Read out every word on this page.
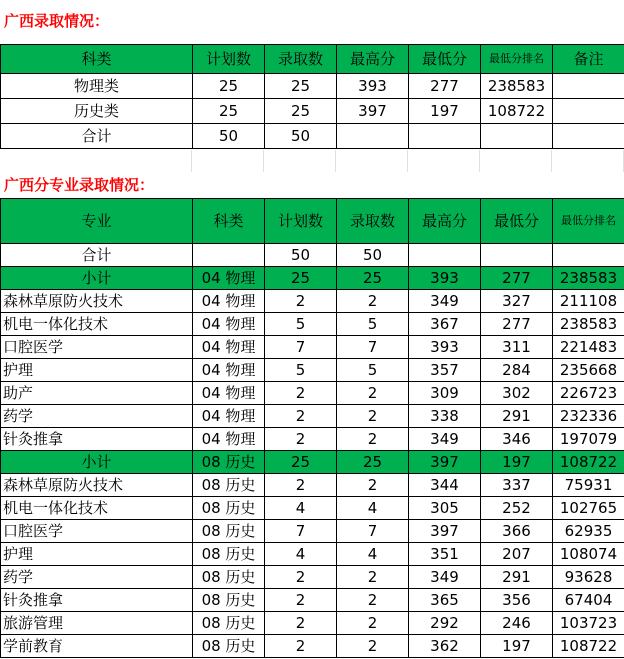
广西录取情况：
科类	计划数	录取数	最高分	最低分	最低分排名	备注
物理类	25	25	393	277	238583	
历史类	25	25	397	197	108722	
合计	50	50				
广西分专业录取情况：
专业	科类	计划数	录取数	最高分	最低分	最低分排名
合计		50	50			
小计	04 物理	25	25	393	277	238583
森林草原防火技术	04 物理	2	2	349	327	211108
机电一体化技术	04 物理	5	5	367	277	238583
口腔医学	04 物理	7	7	393	311	221483
护理	04 物理	5	5	357	284	235668
助产	04 物理	2	2	309	302	226723
药学	04 物理	2	2	338	291	232336
针灸推拿	04 物理	2	2	349	346	197079
小计	08 历史	25	25	397	197	108722
森林草原防火技术	08 历史	2	2	344	337	75931
机电一体化技术	08 历史	4	4	305	252	102765
口腔医学	08 历史	7	7	397	366	62935
护理	08 历史	4	4	351	207	108074
药学	08 历史	2	2	349	291	93628
针灸推拿	08 历史	2	2	365	356	67404
旅游管理	08 历史	2	2	292	246	103723
学前教育	08 历史	2	2	362	197	108722
